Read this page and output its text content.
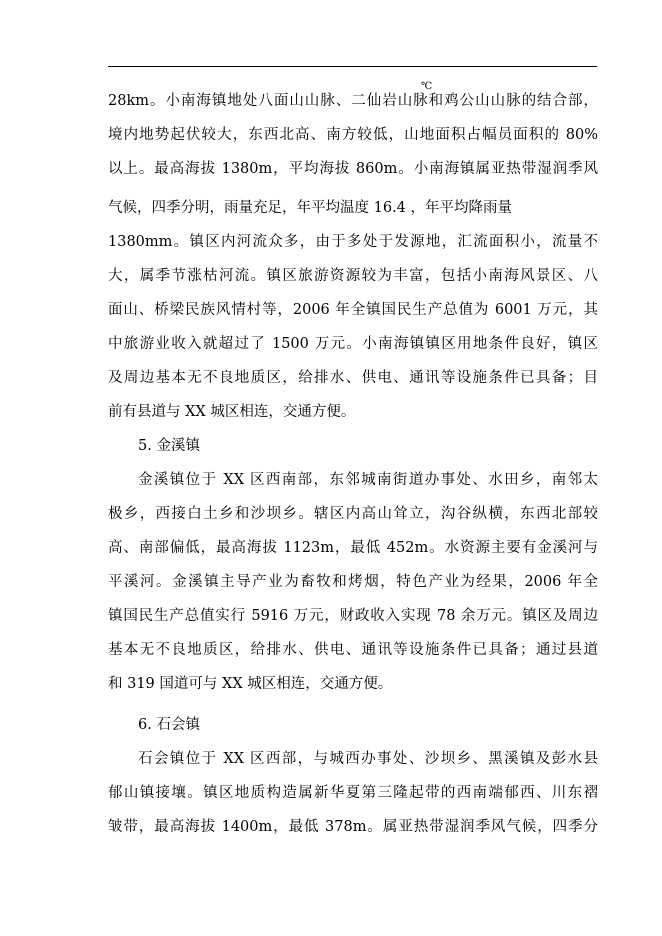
℃
28km。小南海镇地处八面山山脉、二仙岩山脉和鸡公山山脉的结合部，
境内地势起伏较大，东西北高、南方较低，山地面积占幅员面积的 80%
以上。最高海拔 1380m，平均海拔 860m。小南海镇属亚热带湿润季风
气候，四季分明，雨量充足，年平均温度 16.4 ，年平均降雨量
1380mm。镇区内河流众多，由于多处于发源地，汇流面积小，流量不
大，属季节涨枯河流。镇区旅游资源较为丰富，包括小南海风景区、八
面山、桥梁民族风情村等，2006 年全镇国民生产总值为 6001 万元，其
中旅游业收入就超过了 1500 万元。小南海镇镇区用地条件良好，镇区
及周边基本无不良地质区，给排水、供电、通讯等设施条件已具备；目
前有县道与 XX 城区相连，交通方便。
5. 金溪镇
金溪镇位于 XX 区西南部，东邻城南街道办事处、水田乡，南邻太
极乡，西接白土乡和沙坝乡。辖区内高山耸立，沟谷纵横，东西北部较
高、南部偏低，最高海拔 1123m，最低 452m。水资源主要有金溪河与
平溪河。金溪镇主导产业为畜牧和烤烟，特色产业为经果，2006 年全
镇国民生产总值实行 5916 万元，财政收入实现 78 余万元。镇区及周边
基本无不良地质区，给排水、供电、通讯等设施条件已具备；通过县道
和 319 国道可与 XX 城区相连，交通方便。
6. 石会镇
石会镇位于 XX 区西部，与城西办事处、沙坝乡、黑溪镇及彭水县
郁山镇接壤。镇区地质构造属新华夏第三隆起带的西南端郁西、川东褶
皱带，最高海拔 1400m，最低 378m。属亚热带湿润季风气候，四季分
